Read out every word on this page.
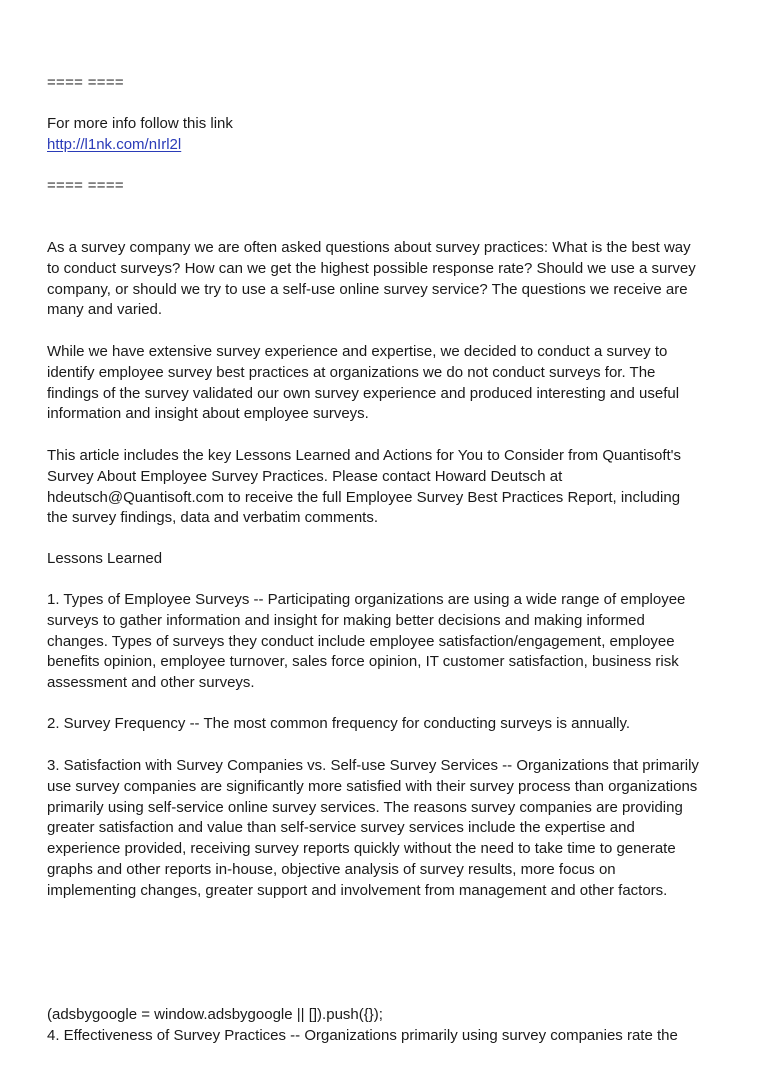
==== ====
For more info follow this link
http://l1nk.com/nIrl2l
==== ====
As a survey company we are often asked questions about survey practices: What is the best way
to conduct surveys? How can we get the highest possible response rate? Should we use a survey
company, or should we try to use a self-use online survey service? The questions we receive are
many and varied.
While we have extensive survey experience and expertise, we decided to conduct a survey to
identify employee survey best practices at organizations we do not conduct surveys for. The
findings of the survey validated our own survey experience and produced interesting and useful
information and insight about employee surveys.
This article includes the key Lessons Learned and Actions for You to Consider from Quantisoft's
Survey About Employee Survey Practices. Please contact Howard Deutsch at
hdeutsch@Quantisoft.com to receive the full Employee Survey Best Practices Report, including
the survey findings, data and verbatim comments.
Lessons Learned
1. Types of Employee Surveys -- Participating organizations are using a wide range of employee
surveys to gather information and insight for making better decisions and making informed
changes. Types of surveys they conduct include employee satisfaction/engagement, employee
benefits opinion, employee turnover, sales force opinion, IT customer satisfaction, business risk
assessment and other surveys.
2. Survey Frequency -- The most common frequency for conducting surveys is annually.
3. Satisfaction with Survey Companies vs. Self-use Survey Services -- Organizations that primarily
use survey companies are significantly more satisfied with their survey process than organizations
primarily using self-service online survey services. The reasons survey companies are providing
greater satisfaction and value than self-service survey services include the expertise and
experience provided, receiving survey reports quickly without the need to take time to generate
graphs and other reports in-house, objective analysis of survey results, more focus on
implementing changes, greater support and involvement from management and other factors.
(adsbygoogle = window.adsbygoogle || []).push({});
4. Effectiveness of Survey Practices -- Organizations primarily using survey companies rate the
